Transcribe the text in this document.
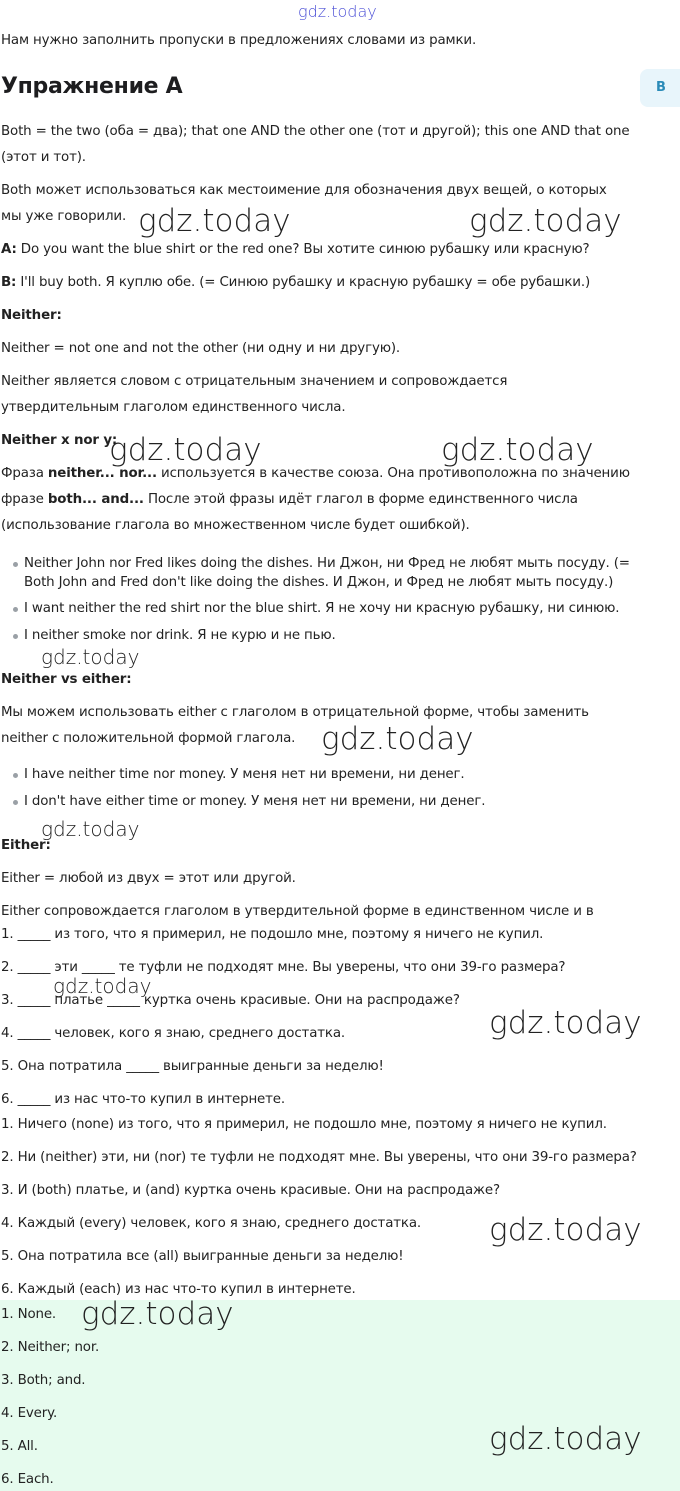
gdz.today
Нам нужно заполнить пропуски в предложениях словами из рамки.
Упражнение A	В
Both = the two (оба = два); that one AND the other one (тот и другой); this one AND that one
(этот и тот).
Both может использоваться как местоимение для обозначения двух вещей, о которых
мы уже говорили.
A: Do you want the blue shirt or the red one? Вы хотите синюю рубашку или красную?
B: I'll buy both. Я куплю обе. (= Синюю рубашку и красную рубашку = обе рубашки.)
Neither:
Neither = not one and not the other (ни одну и ни другую).
Neither является словом с отрицательным значением и сопровождается
утвердительным глаголом единственного числа.
Neither x nor y:
Фраза neither... nor... используется в качестве союза. Она противоположна по значению
фразе both... and... После этой фразы идёт глагол в форме единственного числа
(использование глагола во множественном числе будет ошибкой).
Neither John nor Fred likes doing the dishes. Ни Джон, ни Фред не любят мыть посуду. (=
Both John and Fred don't like doing the dishes. И Джон, и Фред не любят мыть посуду.)
I want neither the red shirt nor the blue shirt. Я не хочу ни красную рубашку, ни синюю.
I neither smoke nor drink. Я не курю и не пью.
Neither vs either:
Мы можем использовать either с глаголом в отрицательной форме, чтобы заменить
neither с положительной формой глагола.
I have neither time nor money. У меня нет ни времени, ни денег.
I don't have either time or money. У меня нет ни времени, ни денег.
Either:
Either = любой из двух = этот или другой.
Either сопровождается глаголом в утвердительной форме в единственном числе и в
1. _____ из того, что я примерил, не подошло мне, поэтому я ничего не купил.
2. _____ эти _____ те туфли не подходят мне. Вы уверены, что они 39-го размера?
3. _____ платье _____ куртка очень красивые. Они на распродаже?
4. _____ человек, кого я знаю, среднего достатка.
5. Она потратила _____ выигранные деньги за неделю!
6. _____ из нас что-то купил в интернете.
1. Ничего (none) из того, что я примерил, не подошло мне, поэтому я ничего не купил.
2. Ни (neither) эти, ни (nor) те туфли не подходят мне. Вы уверены, что они 39-го размера?
3. И (both) платье, и (and) куртка очень красивые. Они на распродаже?
4. Каждый (every) человек, кого я знаю, среднего достатка.
5. Она потратила все (all) выигранные деньги за неделю!
6. Каждый (each) из нас что-то купил в интернете.
1. None.
2. Neither; nor.
3. Both; and.
4. Every.
5. All.
6. Each.
gdz.today	gdz.today
gdz.today	gdz.today
gdz.today
gdz.today
gdz.today
gdz.today
gdz.today
gdz.today
gdz.today
gdz.today
